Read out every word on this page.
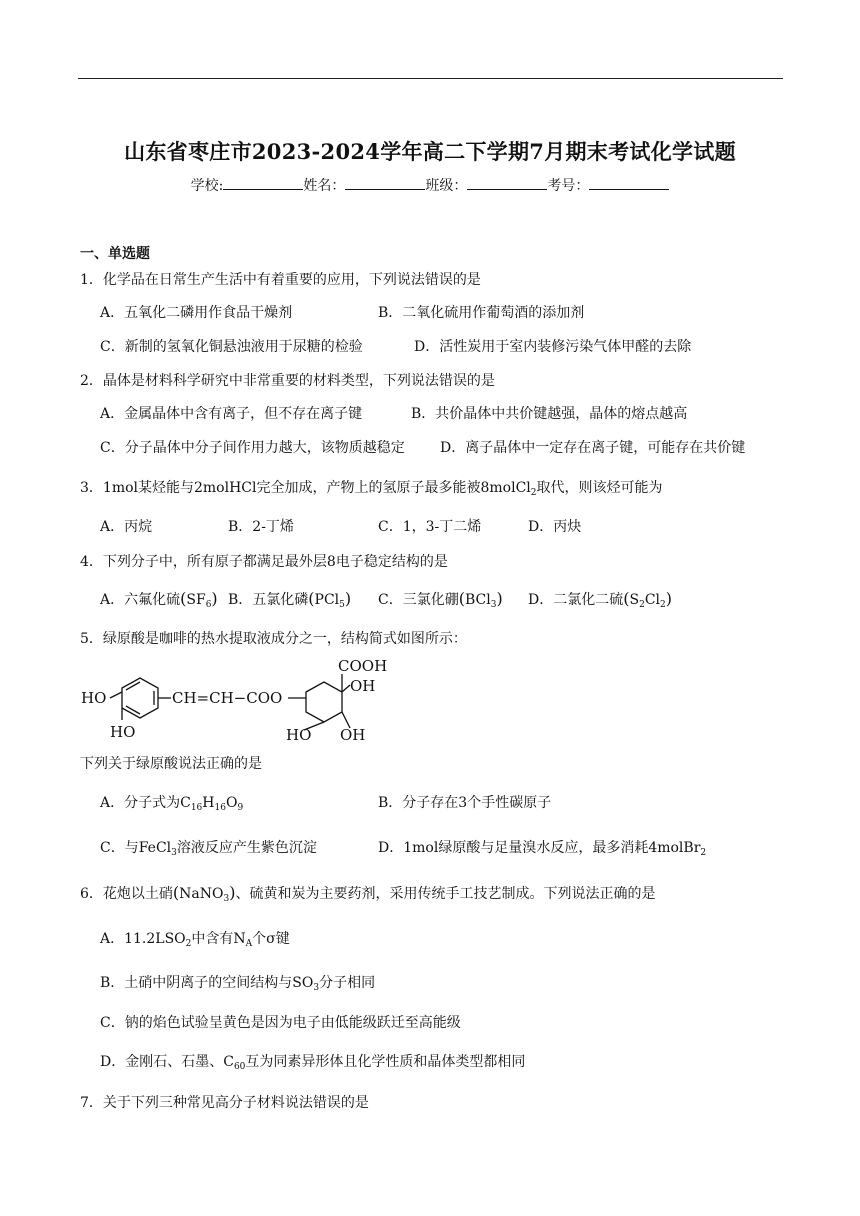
山东省枣庄市2023-2024学年高二下学期7月期末考试化学试题
学校:	姓名：	班级：	考号：
一、单选题
1．化学品在日常生产生活中有着重要的应用，下列说法错误的是
A．五氧化二磷用作食品干燥剂	B．二氧化硫用作葡萄酒的添加剂
C．新制的氢氧化铜悬浊液用于尿糖的检验	D．活性炭用于室内装修污染气体甲醛的去除
2．晶体是材料科学研究中非常重要的材料类型，下列说法错误的是
A．金属晶体中含有离子，但不存在离子键	B．共价晶体中共价键越强，晶体的熔点越高
C．分子晶体中分子间作用力越大，该物质越稳定	D．离子晶体中一定存在离子键，可能存在共价键
3．1mol某烃能与2molHCl完全加成，产物上的氢原子最多能被8molCl$_2$取代，则该烃可能为
A．丙烷	B．2-丁烯	C．1，3-丁二烯	D．丙炔
4．下列分子中，所有原子都满足最外层8电子稳定结构的是
A．六氟化硫$(SF_6)$ B．五氯化磷(PCl$_5$) C．三氯化硼(BCl$_3$) D．二氯化二硫$(S_2Cl_2)$
5．绿原酸是咖啡的热水提取液成分之一，结构简式如图所示：
HO
HO
CH=CH−COO
COOH
OH
HO OH
下列关于绿原酸说法正确的是
A．分子式为$C_{16}H_{16}O_9$	B．分子存在3个手性碳原子
C．与FeCl$_3$溶液反应产生紫色沉淀	D．1mol绿原酸与足量溴水反应，最多消耗4molBr$_2$
6．花炮以土硝(NaNO$_3$)、硫黄和炭为主要药剂，采用传统手工技艺制成。下列说法正确的是
A．$11.2LSO_2$中含有$N_A$个σ键
B．土硝中阴离子的空间结构与$SO_3$分子相同
C．钠的焰色试验呈黄色是因为电子由低能级跃迁至高能级
D．金刚石、石墨、$C_{60}$互为同素异形体且化学性质和晶体类型都相同
7．关于下列三种常见高分子材料说法错误的是
